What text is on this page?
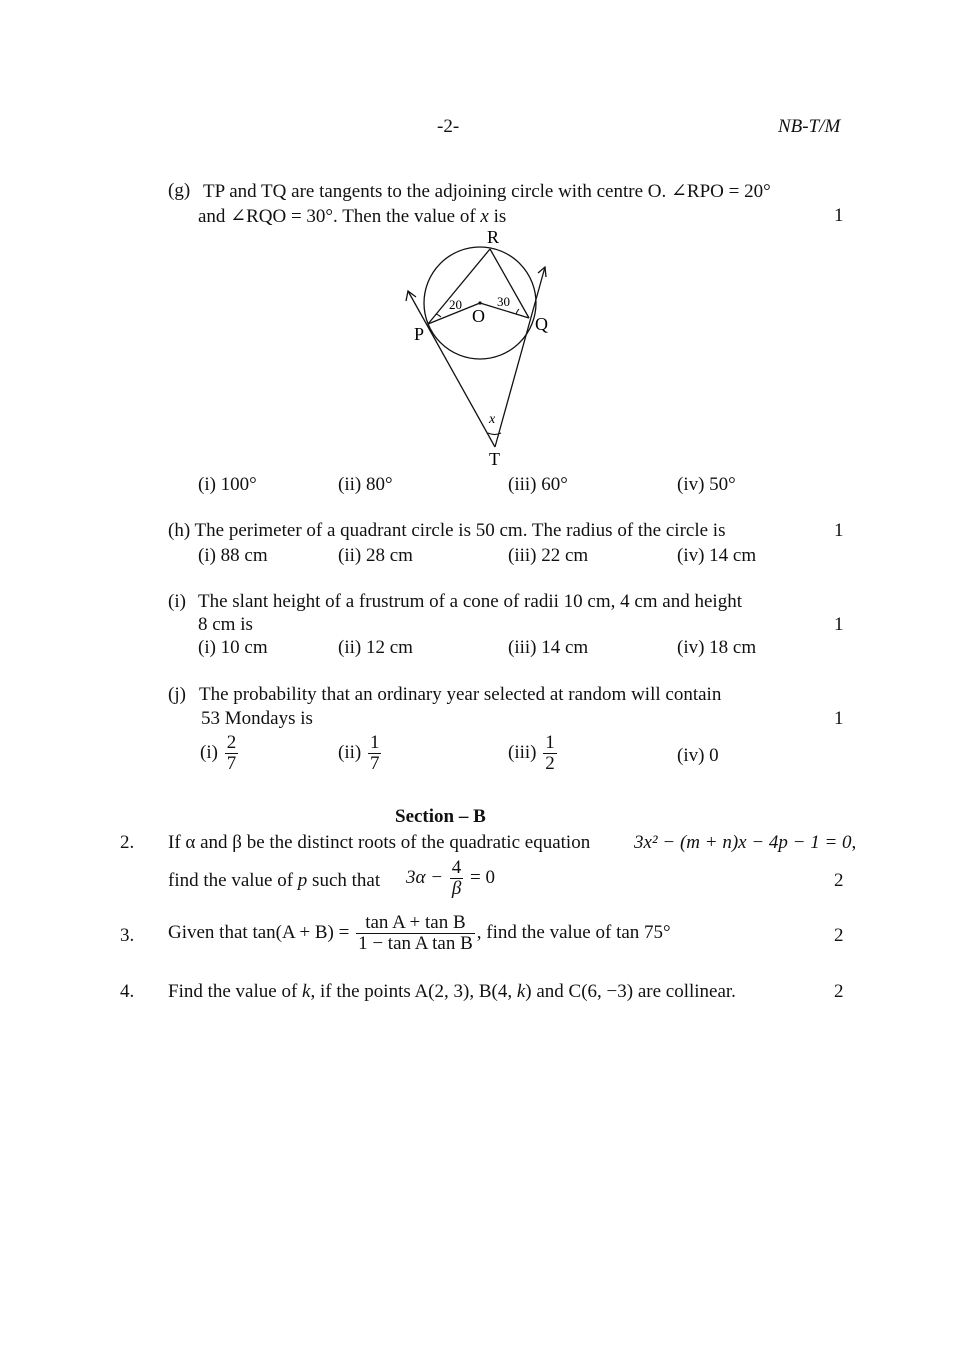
-2-	NB-T/M
(g) TP and TQ are tangents to the adjoining circle with centre O. ∠RPO = 20°
and ∠RQO = 30°. Then the value of x is	1
R
O
P	Q
T
20	30
x
(i) 100°	(ii) 80°	(iii) 60°	(iv) 50°
(h) The perimeter of a quadrant circle is 50 cm. The radius of the circle is	1
(i) 88 cm	(ii) 28 cm	(iii) 22 cm	(iv) 14 cm
(i) The slant height of a frustrum of a cone of radii 10 cm, 4 cm and height
8 cm is	1
(i) 10 cm	(ii) 12 cm	(iii) 14 cm	(iv) 18 cm
(j) The probability that an ordinary year selected at random will contain
53 Mondays is	1
$(i) \frac{2}{7}$	$(ii) \frac{1}{7}$	$(iii) \frac{1}{2}$	(iv) 0
Section – B
2. If α and β be the distinct roots of the quadratic equation 3x² − (m + n)x − 4p − 1 = 0,
find the value of p such that $3\alpha - \frac{4}{\beta} = 0$	2
3. Given that $\tan(A + B) = \frac{\text{tan A + tan B}}{\text{1 − tan A tan B}}$ , find the value of tan 75°	2
4. Find the value of k, if the points A(2, 3), B(4, k) and C(6, −3) are collinear.	2
